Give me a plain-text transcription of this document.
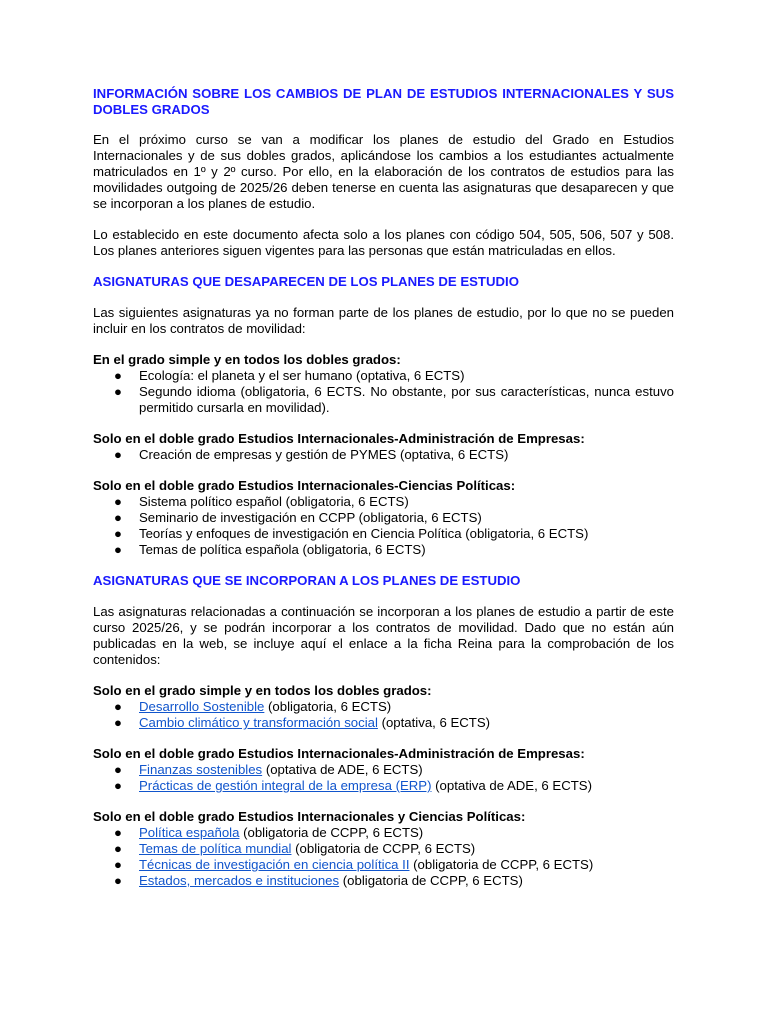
INFORMACIÓN SOBRE LOS CAMBIOS DE PLAN DE ESTUDIOS INTERNACIONALES Y SUS DOBLES GRADOS

En el próximo curso se van a modificar los planes de estudio del Grado en Estudios Internacionales y de sus dobles grados, aplicándose los cambios a los estudiantes actualmente matriculados en 1º y 2º curso. Por ello, en la elaboración de los contratos de estudios para las movilidades outgoing de 2025/26 deben tenerse en cuenta las asignaturas que desaparecen y que se incorporan a los planes de estudio.

Lo establecido en este documento afecta solo a los planes con código 504, 505, 506, 507 y 508. Los planes anteriores siguen vigentes para las personas que están matriculadas en ellos.

ASIGNATURAS QUE DESAPARECEN DE LOS PLANES DE ESTUDIO

Las siguientes asignaturas ya no forman parte de los planes de estudio, por lo que no se pueden incluir en los contratos de movilidad:

En el grado simple y en todos los dobles grados:
● Ecología: el planeta y el ser humano (optativa, 6 ECTS)
● Segundo idioma (obligatoria, 6 ECTS. No obstante, por sus características, nunca estuvo permitido cursarla en movilidad).
Solo en el doble grado Estudios Internacionales-Administración de Empresas:
● Creación de empresas y gestión de PYMES (optativa, 6 ECTS)
Solo en el doble grado Estudios Internacionales-Ciencias Políticas:
● Sistema político español (obligatoria, 6 ECTS)
● Seminario de investigación en CCPP (obligatoria, 6 ECTS)
● Teorías y enfoques de investigación en Ciencia Política (obligatoria, 6 ECTS)
● Temas de política española (obligatoria, 6 ECTS)
ASIGNATURAS QUE SE INCORPORAN A LOS PLANES DE ESTUDIO

Las asignaturas relacionadas a continuación se incorporan a los planes de estudio a partir de este curso 2025/26, y se podrán incorporar a los contratos de movilidad. Dado que no están aún publicadas en la web, se incluye aquí el enlace a la ficha Reina para la comprobación de los contenidos:

Solo en el grado simple y en todos los dobles grados:
● Desarrollo Sostenible (obligatoria, 6 ECTS)
● Cambio climático y transformación social (optativa, 6 ECTS)
Solo en el doble grado Estudios Internacionales-Administración de Empresas:
● Finanzas sostenibles (optativa de ADE, 6 ECTS)
● Prácticas de gestión integral de la empresa (ERP) (optativa de ADE, 6 ECTS)
Solo en el doble grado Estudios Internacionales y Ciencias Políticas:
● Política española (obligatoria de CCPP, 6 ECTS)
● Temas de política mundial (obligatoria de CCPP, 6 ECTS)
● Técnicas de investigación en ciencia política II (obligatoria de CCPP, 6 ECTS)
● Estados, mercados e instituciones (obligatoria de CCPP, 6 ECTS)
